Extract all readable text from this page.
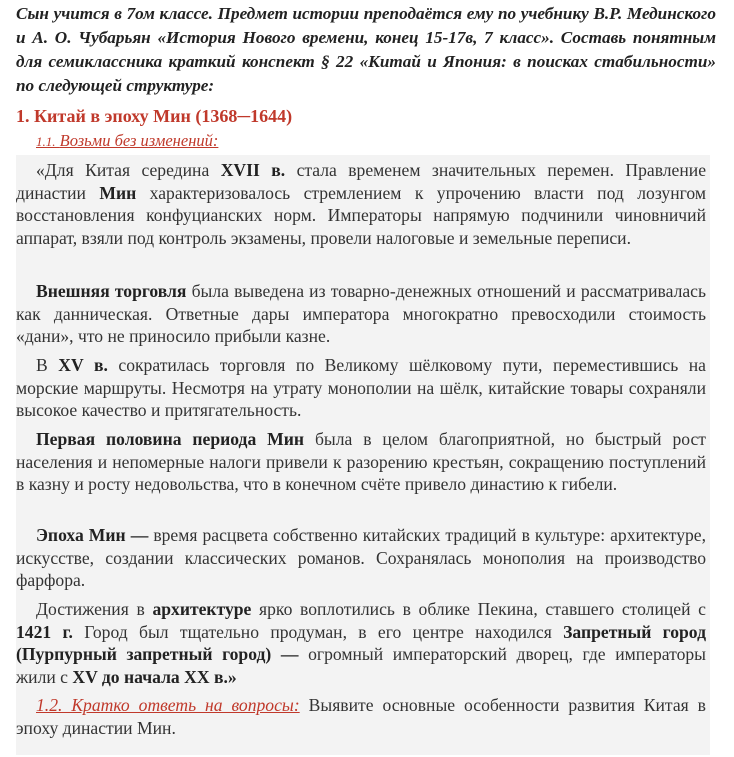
Сын учится в 7ом классе. Предмет истории преподаётся ему по учебнику В.Р. Мединского и А. О. Чубарьян «История Нового времени, конец 15-17в, 7 класс». Составь понятным для семиклассника краткий конспект § 22 «Китай и Япония: в поисках стабильности» по следующей структуре:

1. Китай в эпоху Мин (1368─1644)

1.1. Возьми без изменений:

«Для Китая середина XVII в. стала временем значительных перемен. Правление династии Мин характеризовалось стремлением к упрочению власти под лозунгом восстановления конфуцианских норм. Императоры напрямую подчинили чиновничий аппарат, взяли под контроль экзамены, провели налоговые и земельные переписи.

Внешняя торговля была выведена из товарно-денежных отношений и рассматривалась как данническая. Ответные дары императора многократно превосходили стоимость «дани», что не приносило прибыли казне.

В XV в. сократилась торговля по Великому шёлковому пути, переместившись на морские маршруты. Несмотря на утрату монополии на шёлк, китайские товары сохраняли высокое качество и притягательность.

Первая половина периода Мин была в целом благоприятной, но быстрый рост населения и непомерные налоги привели к разорению крестьян, сокращению поступлений в казну и росту недовольства, что в конечном счёте привело династию к гибели.

Эпоха Мин — время расцвета собственно китайских традиций в культуре: архитектуре, искусстве, создании классических романов. Сохранялась монополия на производство фарфора.

Достижения в архитектуре ярко воплотились в облике Пекина, ставшего столицей с 1421 г. Город был тщательно продуман, в его центре находился Запретный город (Пурпурный запретный город) — огромный императорский дворец, где императоры жили с XV до начала XX в.»

1.2. Кратко ответь на вопросы: Выявите основные особенности развития Китая в эпоху династии Мин.
